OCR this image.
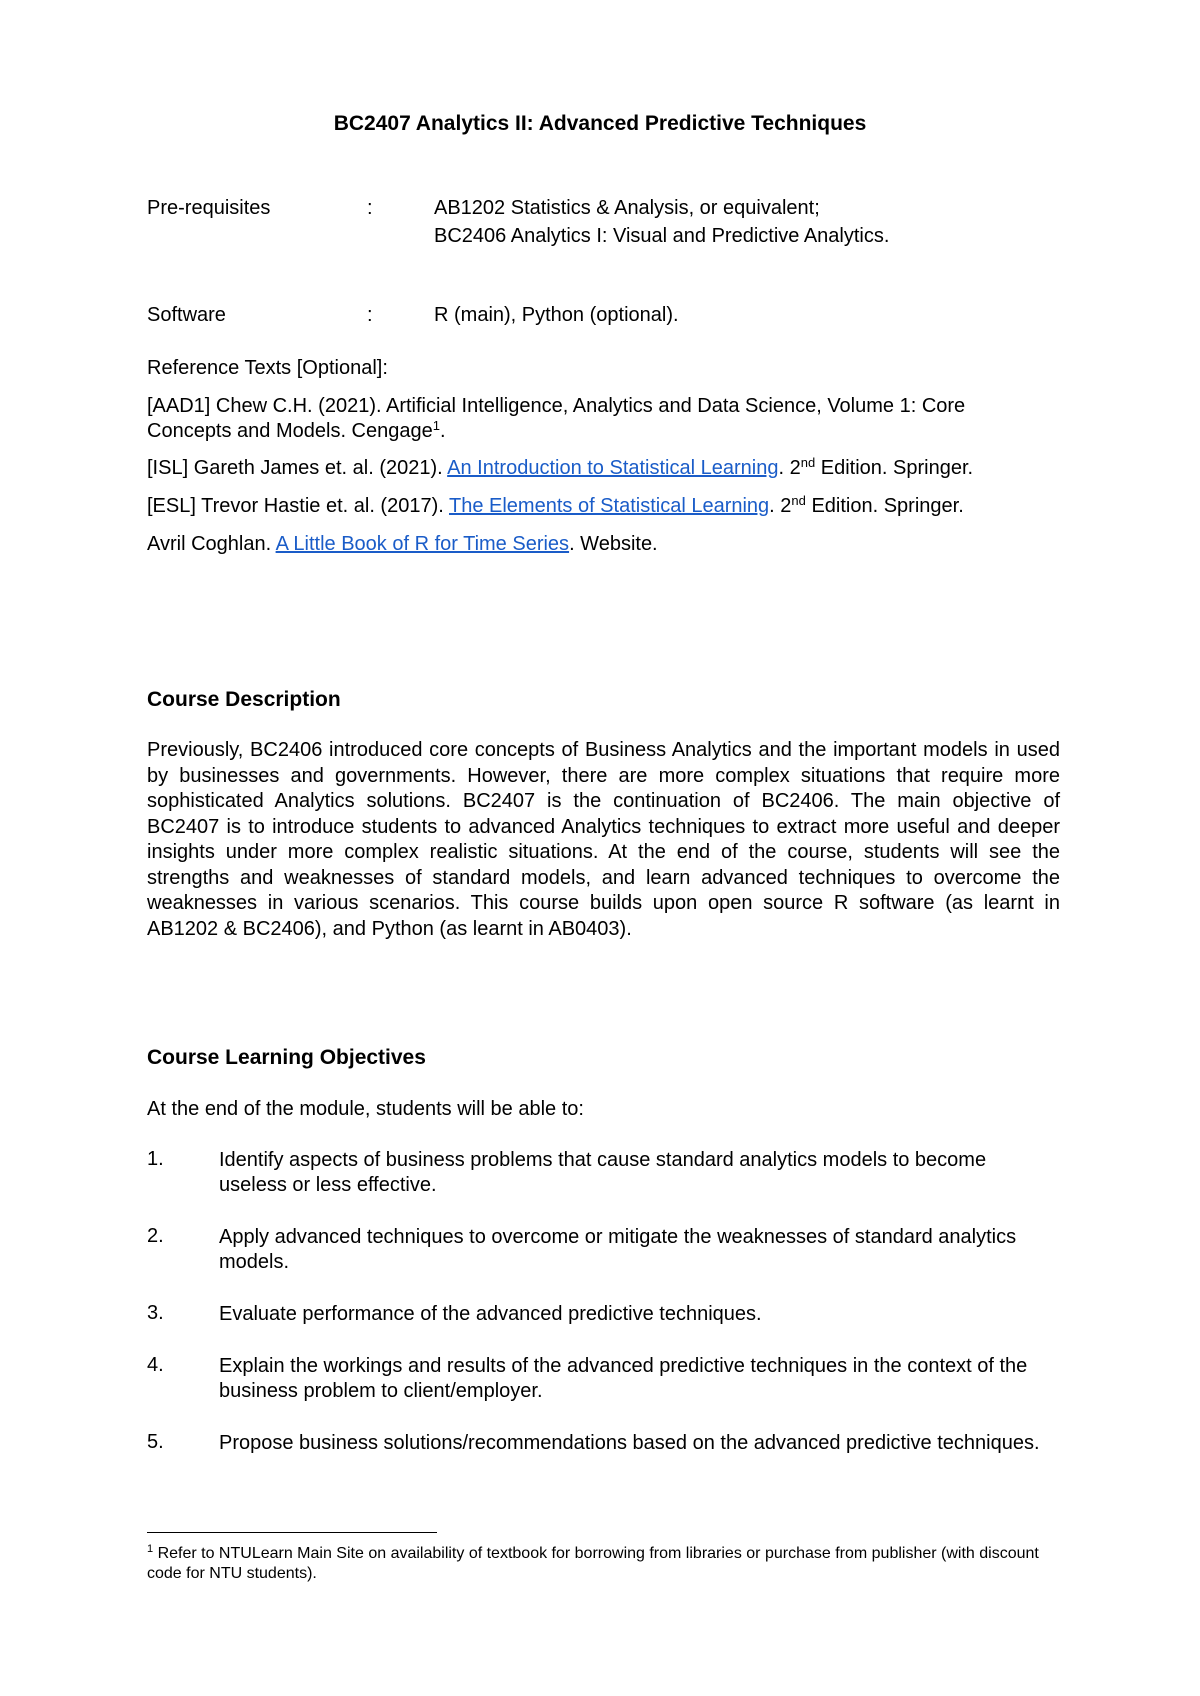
BC2407 Analytics II: Advanced Predictive Techniques
Pre-requisites	:	AB1202 Statistics & Analysis, or equivalent;
BC2406 Analytics I: Visual and Predictive Analytics.
Software	:	R (main), Python (optional).
Reference Texts [Optional]:
[AAD1] Chew C.H. (2021). Artificial Intelligence, Analytics and Data Science, Volume 1: Core
Concepts and Models. Cengage$^1$.
[ISL] Gareth James et. al. (2021). An Introduction to Statistical Learning. 2nd Edition. Springer.
[ESL] Trevor Hastie et. al. (2017). The Elements of Statistical Learning. 2nd Edition. Springer.
Avril Coghlan. A Little Book of R for Time Series. Website.
Course Description
Previously, BC2406 introduced core concepts of Business Analytics and the important models in used by businesses and governments. However, there are more complex situations that require more sophisticated Analytics solutions. BC2407 is the continuation of BC2406. The main objective of BC2407 is to introduce students to advanced Analytics techniques to extract more useful and deeper insights under more complex realistic situations. At the end of the course, students will see the strengths and weaknesses of standard models, and learn advanced techniques to overcome the weaknesses in various scenarios. This course builds upon open source R software (as learnt in AB1202 & BC2406), and Python (as learnt in AB0403).
Course Learning Objectives
At the end of the module, students will be able to:
1.	Identify aspects of business problems that cause standard analytics models to become useless or less effective.
2.	Apply advanced techniques to overcome or mitigate the weaknesses of standard analytics models.
3.	Evaluate performance of the advanced predictive techniques.
4.	Explain the workings and results of the advanced predictive techniques in the context of the business problem to client/employer.
5.	Propose business solutions/recommendations based on the advanced predictive techniques.
$^1$ Refer to NTULearn Main Site on availability of textbook for borrowing from libraries or purchase from publisher (with discount code for NTU students).
